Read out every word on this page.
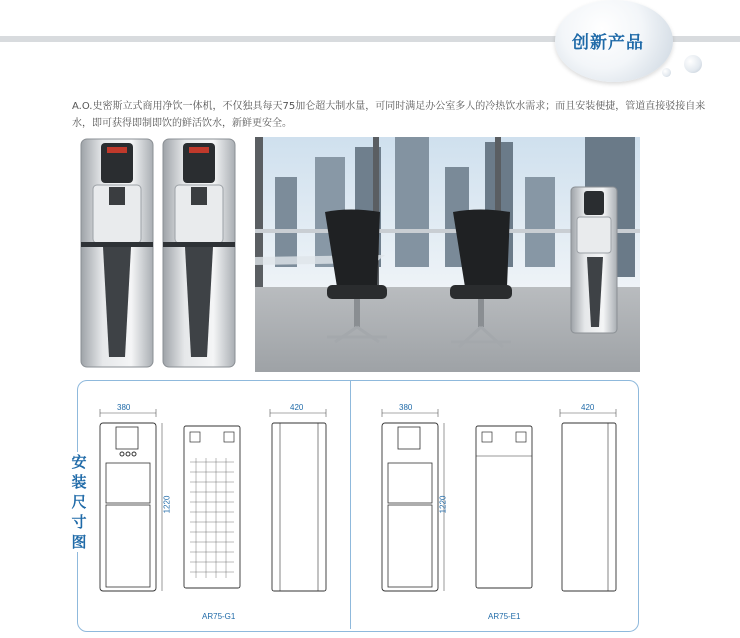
创新产品
A.O.史密斯立式商用净饮一体机，不仅独具每天75加仑超大制水量，可同时满足办公室多人的冷热饮水需求；而且安装便捷，管道直接驳接自来水，即可获得即制即饮的鲜活饮水，新鲜更安全。
安
装
尺
寸
图
380
1220
420
AR75-G1
380
1220
420
AR75-E1
